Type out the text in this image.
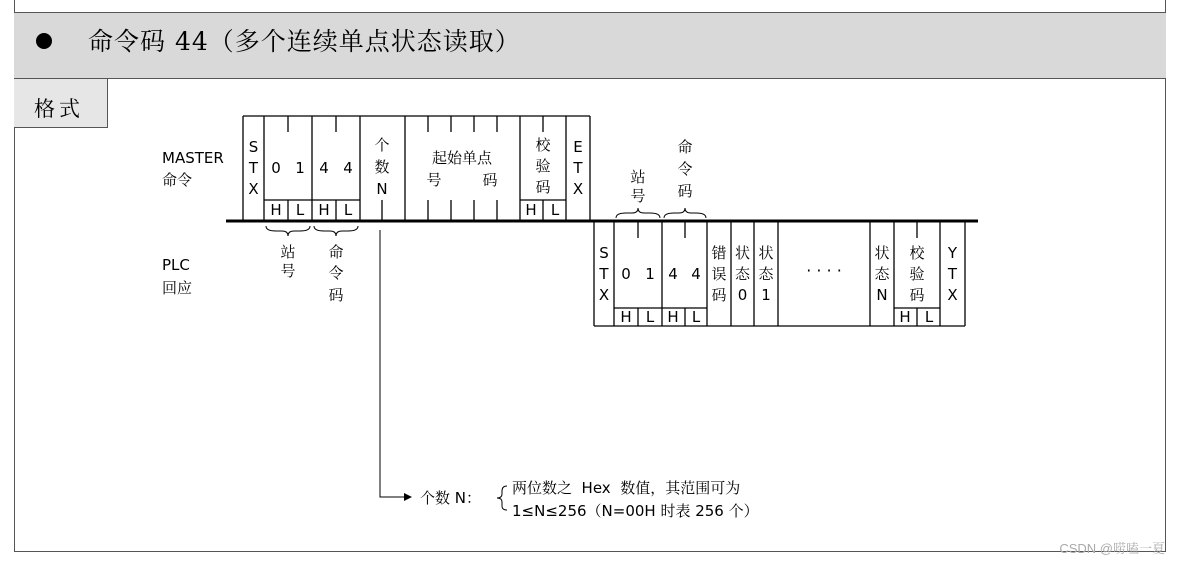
命令码 44（多个连续单点状态读取）
格式
MASTER
命令
S
T
X
0 1
H L
4 4
H L
个
数
N
起始单点
号	码
校
验
码
H L
E
T
X
站
号
命
令
码
PLC
回应
站
号
命
令
码
S
T
X
0 1
H L
4 4
H L
错
误
码
状
态
0
状
态
1
· · · ·
状
态
N
校
验
码
H L
Y
T
X
个数 N：
两位数之  Hex  数值，其范围可为
1≤N≤256（N=00H 时表 256 个）
CSDN @唠嗑一夏
